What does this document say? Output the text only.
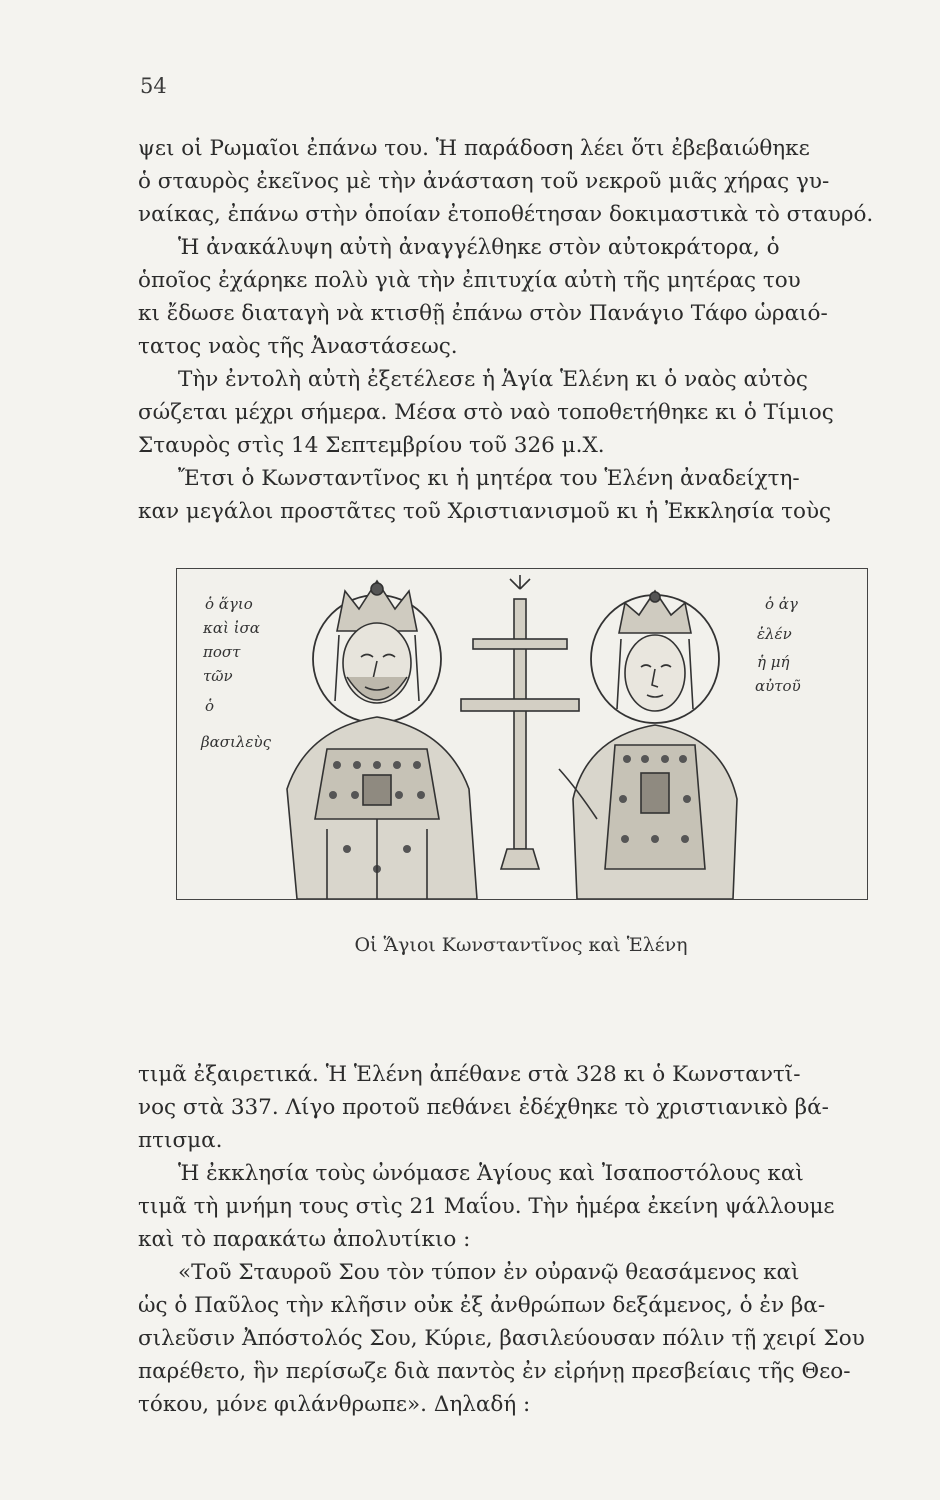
54
ψει οἱ Ρωμαῖοι ἐπάνω του. Ἡ παράδοση λέει ὅτι ἐβεβαιώθηκε
ὁ σταυρὸς ἐκεῖνος μὲ τὴν ἀνάσταση τοῦ νεκροῦ μιᾶς χήρας γυ-
ναίκας, ἐπάνω στὴν ὁποίαν ἐτοποθέτησαν δοκιμαστικὰ τὸ σταυρό.
Ἡ ἀνακάλυψη αὐτὴ ἀναγγέλθηκε στὸν αὐτοκράτορα, ὁ
ὁποῖος ἐχάρηκε πολὺ γιὰ τὴν ἐπιτυχία αὐτὴ τῆς μητέρας του
κι ἔδωσε διαταγὴ νὰ κτισθῇ ἐπάνω στὸν Πανάγιο Τάφο ὡραιό-
τατος ναὸς τῆς Ἀναστάσεως.
Τὴν ἐντολὴ αὐτὴ ἐξετέλεσε ἡ Ἁγία Ἑλένη κι ὁ ναὸς αὐτὸς
σώζεται μέχρι σήμερα. Μέσα στὸ ναὸ τοποθετήθηκε κι ὁ Τίμιος
Σταυρὸς στὶς 14 Σεπτεμβρίου τοῦ 326 μ.Χ.
Ἔτσι ὁ Κωνσταντῖνος κι ἡ μητέρα του Ἑλένη ἀναδείχτη-
καν μεγάλοι προστᾶτες τοῦ Χριστιανισμοῦ κι ἡ Ἐκκλησία τοὺς
ὁ ἅγιο
καὶ ἰσα
ποστ
τῶν
ὁ
βασιλεὺς
ὁ ἀγ
ἑλέν
ἡ μή
αὐτοῦ
Οἱ Ἅγιοι Κωνσταντῖνος καὶ Ἑλένη
τιμᾶ ἐξαιρετικά. Ἡ Ἑλένη ἀπέθανε στὰ 328 κι ὁ Κωνσταντῖ-
νος στὰ 337. Λίγο προτοῦ πεθάνει ἐδέχθηκε τὸ χριστιανικὸ βά-
πτισμα.
Ἡ ἐκκλησία τοὺς ὠνόμασε Ἁγίους καὶ Ἰσαποστόλους καὶ
τιμᾶ τὴ μνήμη τους στὶς 21 Μαΐου. Τὴν ἡμέρα ἐκείνη ψάλλουμε
καὶ τὸ παρακάτω ἀπολυτίκιο :
«Τοῦ Σταυροῦ Σου τὸν τύπον ἐν οὐρανῷ θεασάμενος καὶ
ὡς ὁ Παῦλος τὴν κλῆσιν οὐκ ἐξ ἀνθρώπων δεξάμενος, ὁ ἐν βα-
σιλεῦσιν Ἀπόστολός Σου, Κύριε, βασιλεύουσαν πόλιν τῇ χειρί Σου
παρέθετο, ἣν περίσωζε διὰ παντὸς ἐν εἰρήνῃ πρεσβείαις τῆς Θεο-
τόκου, μόνε φιλάνθρωπε». Δηλαδή :
